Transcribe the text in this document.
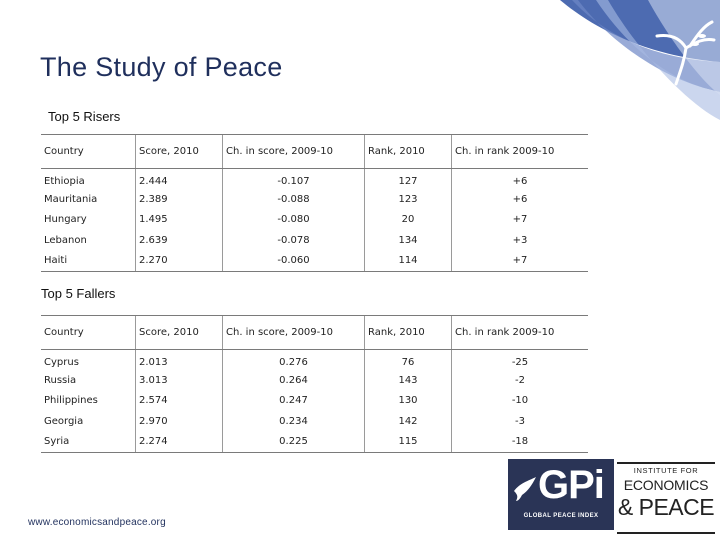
The Study of Peace
Top 5 Risers
Country	Score, 2010	Ch. in score, 2009-10	Rank, 2010	Ch. in rank 2009-10
Ethiopia	2.444	-0.107	127	+6
Mauritania	2.389	-0.088	123	+6
Hungary	1.495	-0.080	20	+7
Lebanon	2.639	-0.078	134	+3
Haiti	2.270	-0.060	114	+7
Top 5 Fallers
Country	Score, 2010	Ch. in score, 2009-10	Rank, 2010	Ch. in rank 2009-10
Cyprus	2.013	0.276	76	-25
Russia	3.013	0.264	143	-2
Philippines	2.574	0.247	130	-10
Georgia	2.970	0.234	142	-3
Syria	2.274	0.225	115	-18
www.economicsandpeace.org
GPi
GLOBAL PEACE INDEX
INSTITUTE FOR
ECONOMICS
& PEACE
